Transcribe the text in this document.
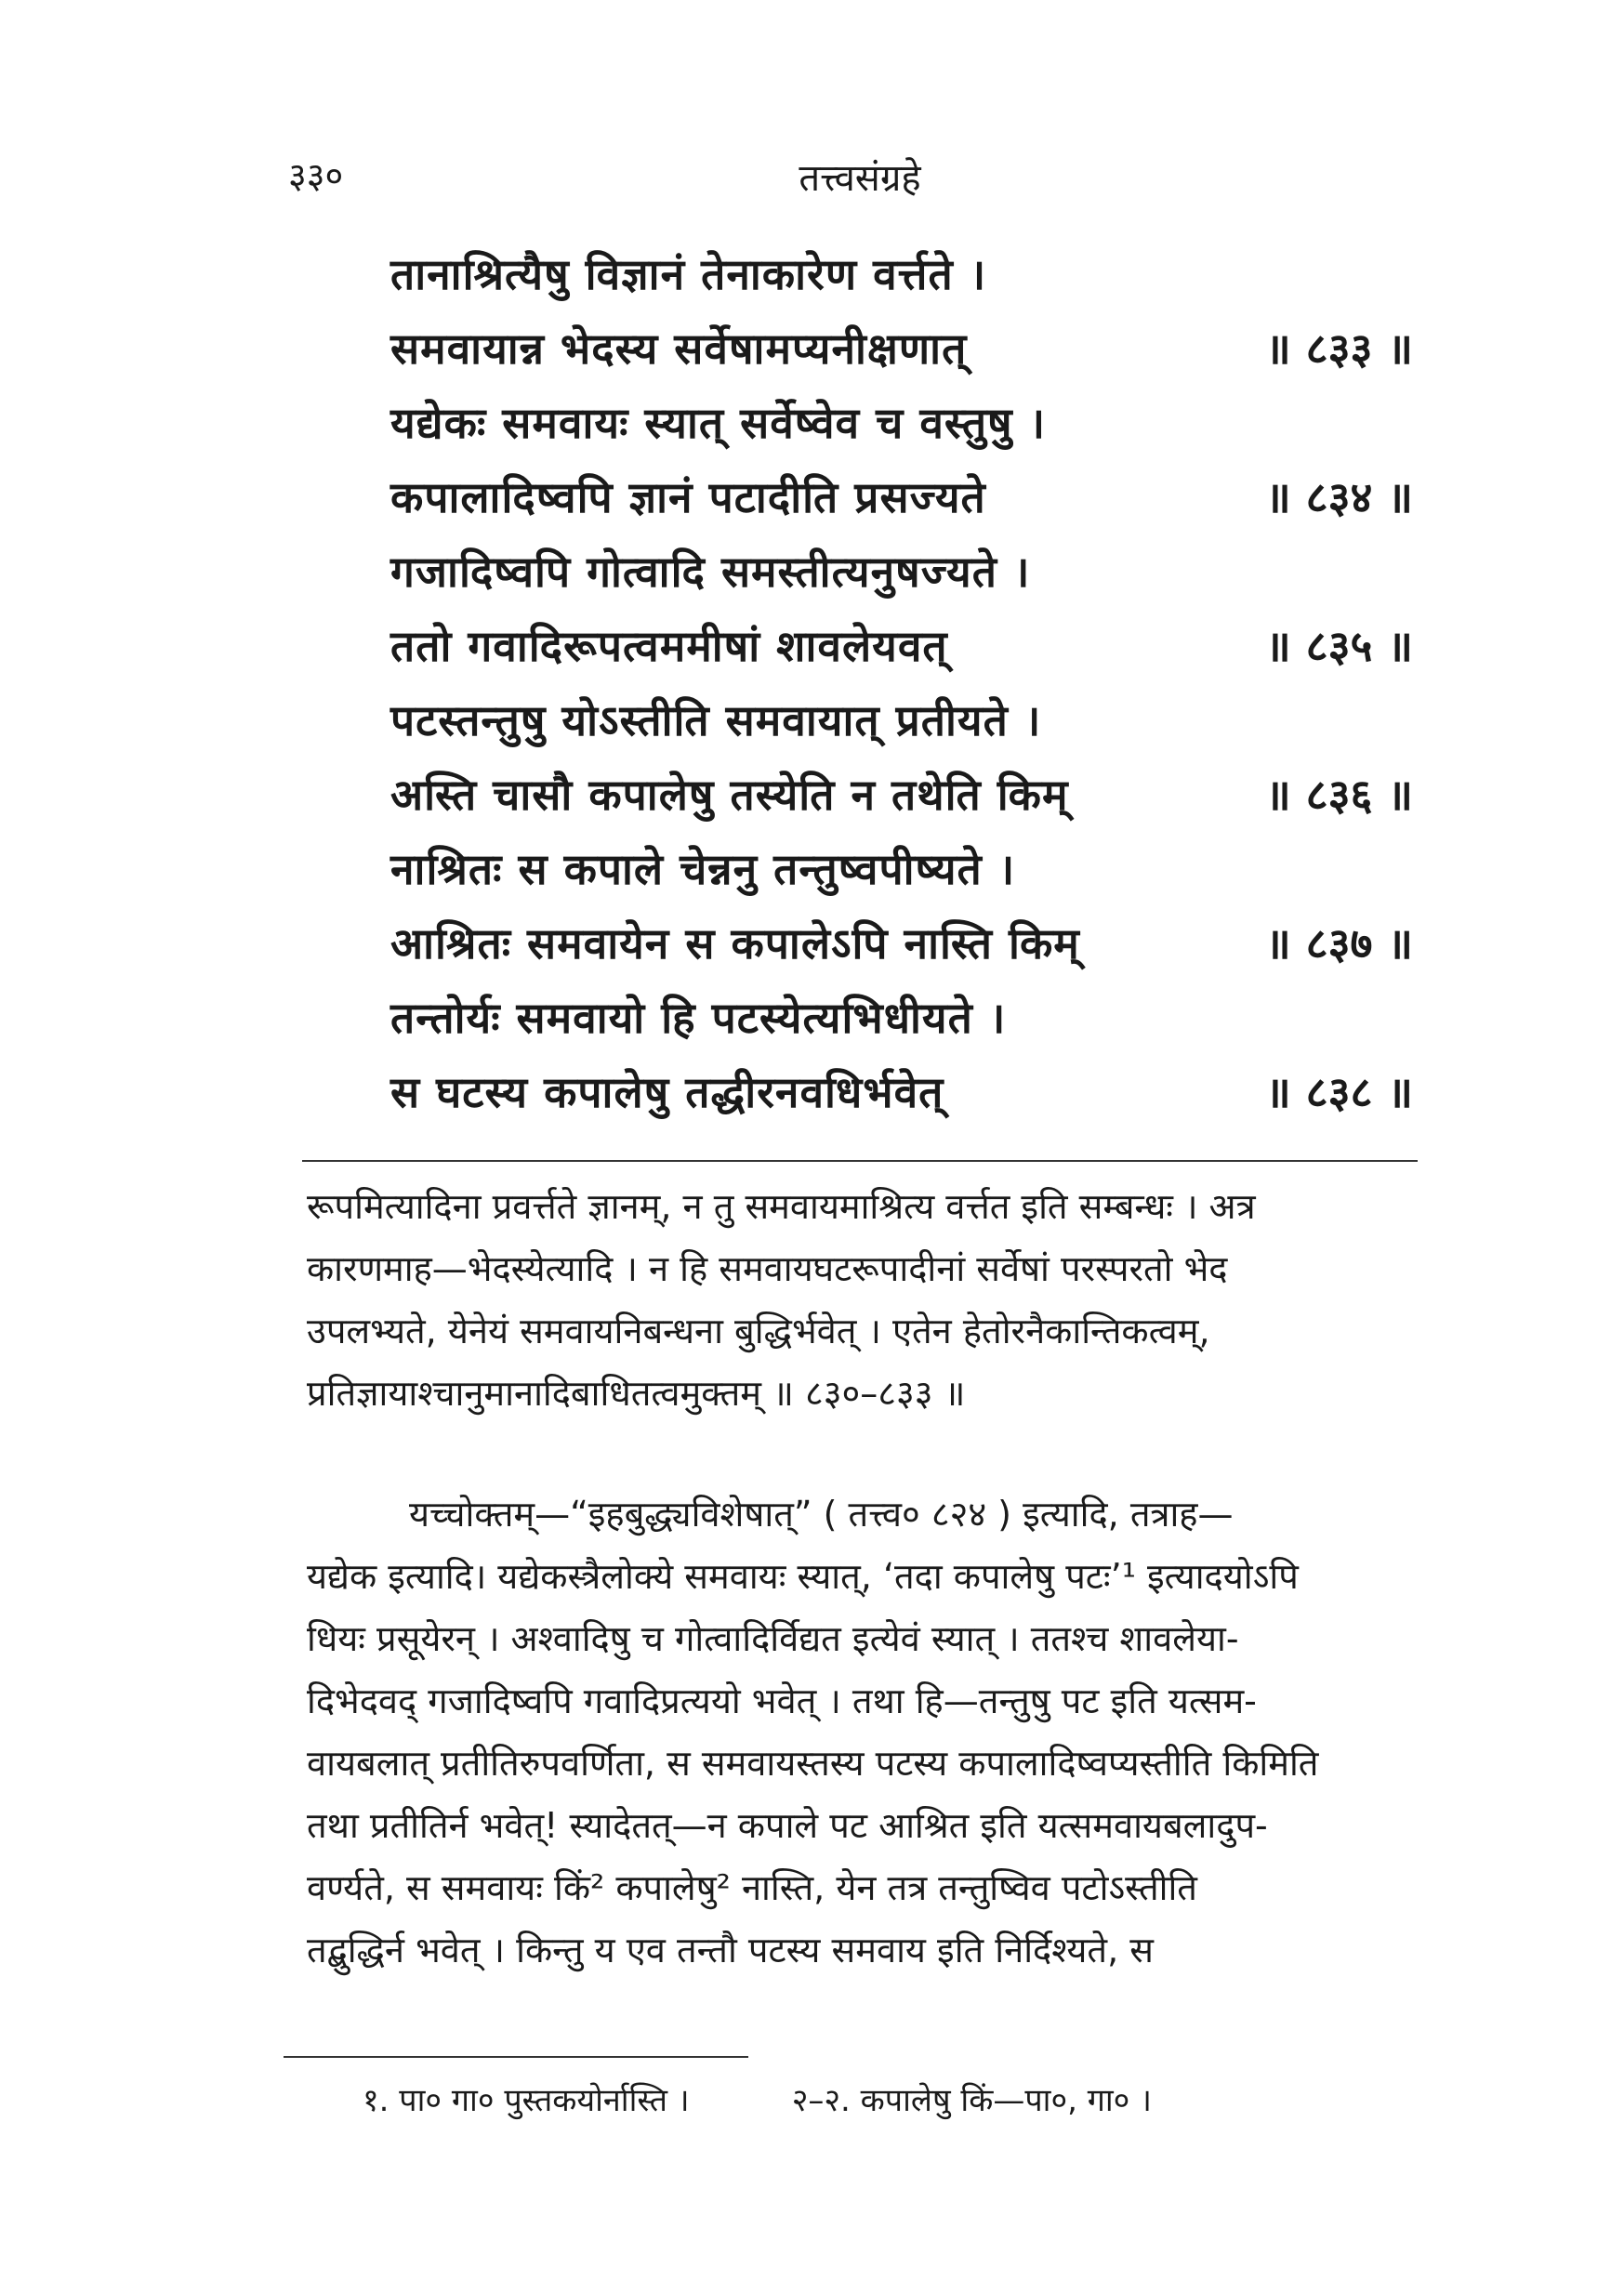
३३०	तत्त्वसंग्रहे
तानाश्रित्यैषु विज्ञानं तेनाकारेण वर्त्तते ।
समवायान्न भेदस्य सर्वेषामप्यनीक्षणात्	॥ ८३३ ॥
यद्येकः समवायः स्यात् सर्वेष्वेव च वस्तुषु ।
कपालादिष्वपि ज्ञानं पटादीति प्रसज्यते	॥ ८३४ ॥
गजादिष्वपि गोत्वादि समस्तीत्यनुषज्यते ।
ततो गवादिरूपत्वममीषां शावलेयवत्	॥ ८३५ ॥
पटस्तन्तुषु योऽस्तीति समवायात् प्रतीयते ।
अस्ति चासौ कपालेषु तस्येति न तथेति किम्	॥ ८३६ ॥
नाश्रितः स कपाले चेन्ननु तन्तुष्वपीष्यते ।
आश्रितः समवायेन स कपालेऽपि नास्ति किम्	॥ ८३७ ॥
तन्तोर्यः समवायो हि पटस्येत्यभिधीयते ।
स घटस्य कपालेषु तद्धीरनवधिर्भवेत्	॥ ८३८ ॥

रूपमित्यादिना प्रवर्त्तते ज्ञानम्, न तु समवायमाश्रित्य वर्त्तत इति सम्बन्धः । अत्र

कारणमाह—भेदस्येत्यादि । न हि समवायघटरूपादीनां सर्वेषां परस्परतो भेद

उपलभ्यते, येनेयं समवायनिबन्धना बुद्धिर्भवेत् । एतेन हेतोरनैकान्तिकत्वम्,

प्रतिज्ञायाश्चानुमानादिबाधितत्वमुक्तम् ॥ ८३०–८३३ ॥

यच्चोक्तम्—“इहबुद्ध्यविशेषात्” ( तत्त्व० ८२४ ) इत्यादि, तत्राह—

यद्येक इत्यादि। यद्येकस्त्रैलोक्ये समवायः स्यात्, ‘तदा कपालेषु पटः’¹ इत्यादयोऽपि

धियः प्रसूयेरन् । अश्वादिषु च गोत्वादिर्विद्यत इत्येवं स्यात् । ततश्च शावलेया-

दिभेदवद् गजादिष्वपि गवादिप्रत्ययो भवेत् । तथा हि—तन्तुषु पट इति यत्सम-

वायबलात् प्रतीतिरुपवर्णिता, स समवायस्तस्य पटस्य कपालादिष्वप्यस्तीति किमिति

तथा प्रतीतिर्न भवेत्! स्यादेतत्—न कपाले पट आश्रित इति यत्समवायबलादुप-

वर्ण्यते, स समवायः किं² कपालेषु² नास्ति, येन तत्र तन्तुष्विव पटोऽस्तीति

तद्बुद्धिर्न भवेत् । किन्तु य एव तन्तौ पटस्य समवाय इति निर्दिश्यते, स

१. पा० गा० पुस्तकयोर्नास्ति ।	२–२. कपालेषु किं—पा०, गा० ।
